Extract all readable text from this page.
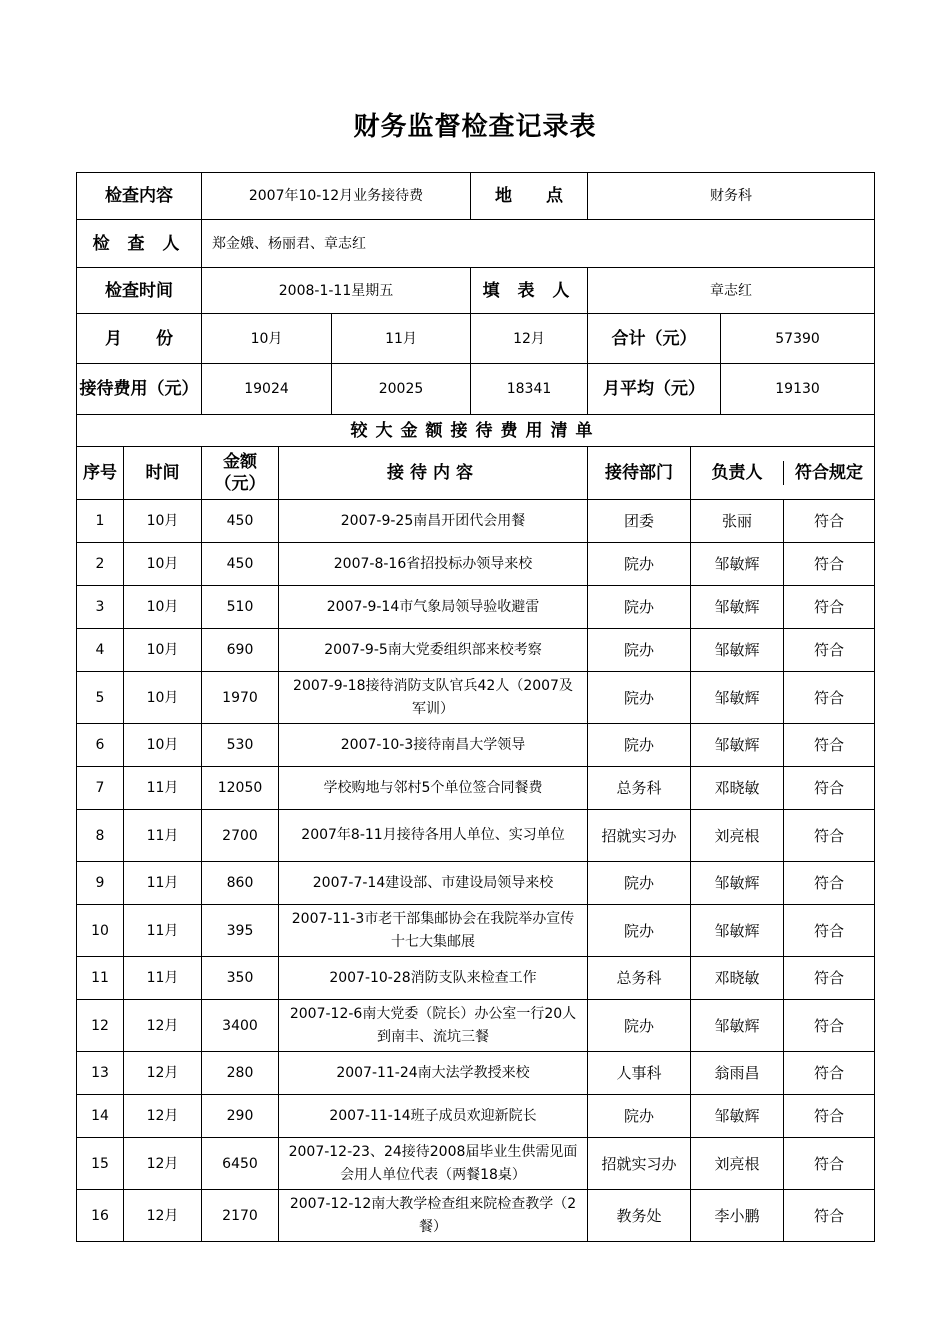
财务监督检查记录表
检查内容		2007年10-12月业务接待费			地　　点	财务科		
检 查 人		郑金娥、杨丽君、章志红						
检查时间		2008-1-11星期五			填 表 人	章志红		
月　　份		10月		11月	12月	合计（元）		57390
接待费用（元）		19024		20025	18341	月平均（元）		19130
较大金额接待费用清单								
序号	时间	金额（元）	接待内容			接待部门	负责人 符合规定	

1	10月	450	2007-9-25南昌开团代会用餐			团委	张丽 符合	

2	10月	450	2007-8-16省招投标办领导来校			院办	邹敏辉 符合	

3	10月	510	2007-9-14市气象局领导验收避雷			院办	邹敏辉 符合	

4	10月	690	2007-9-5南大党委组织部来校考察			院办	邹敏辉 符合	

5	10月	1970	2007-9-18接待消防支队官兵42人（2007及军训）			院办	邹敏辉 符合	

6	10月	530	2007-10-3接待南昌大学领导			院办	邹敏辉 符合	

7	11月	12050	学校购地与邻村5个单位签合同餐费			总务科	邓晓敏 符合	

8	11月	2700	2007年8-11月接待各用人单位、实习单位			招就实习办	刘亮根 符合	

9	11月	860	2007-7-14建设部、市建设局领导来校			院办	邹敏辉 符合	

10	11月	395	2007-11-3市老干部集邮协会在我院举办宣传十七大集邮展			院办	邹敏辉 符合	

11	11月	350	2007-10-28消防支队来检查工作			总务科	邓晓敏 符合	

12	12月	3400	2007-12-6南大党委（院长）办公室一行20人到南丰、流坑三餐			院办	邹敏辉 符合	

13	12月	280	2007-11-24南大法学教授来校			人事科	翁雨昌 符合	

14	12月	290	2007-11-14班子成员欢迎新院长			院办	邹敏辉 符合	

15	12月	6450	2007-12-23、24接待2008届毕业生供需见面会用人单位代表（两餐18桌）			招就实习办	刘亮根 符合	

16	12月	2170	2007-12-12南大教学检查组来院检查教学（2餐）			教务处	李小鹏 符合	
